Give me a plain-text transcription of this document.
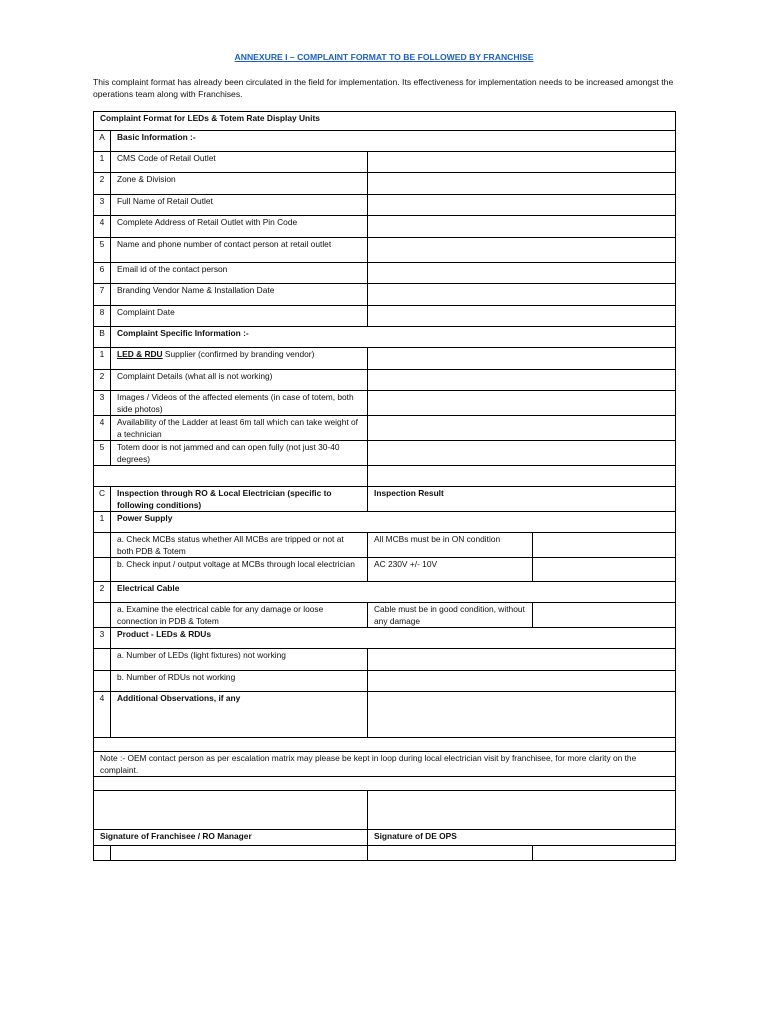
ANNEXURE I – COMPLAINT FORMAT TO BE FOLLOWED BY FRANCHISE
This complaint format has already been circulated in the field for implementation. Its effectiveness for implementation needs to be increased amongst the operations team along with Franchises.
Complaint Format for LEDs & Totem Rate Display Units			
A	Basic Information :-		
1	CMS Code of Retail Outlet		
2	Zone & Division		
3	Full Name of Retail Outlet		
4	Complete Address of Retail Outlet with Pin Code		
5	Name and phone number of contact person at retail outlet		
6	Email id of the contact person		
7	Branding Vendor Name & Installation Date		
8	Complaint Date		
B	Complaint Specific Information :-		
1	LED & RDU Supplier (confirmed by branding vendor)		
2	Complaint Details (what all is not working)		
3	Images / Videos of the affected elements (in case of totem, both side photos)		
4	Availability of the Ladder at least 6m tall which can take weight of a technician		
5	Totem door is not jammed and can open fully (not just 30-40 degrees)		

C	Inspection through RO & Local Electrician (specific to following conditions)	Inspection Result	
1	Power Supply		
	a. Check MCBs status whether All MCBs are tripped or not at both PDB & Totem	All MCBs must be in ON condition	
	b. Check input / output voltage at MCBs through local electrician	AC 230V +/- 10V	
2	Electrical Cable		
	a. Examine the electrical cable for any damage or loose connection in PDB & Totem	Cable must be in good condition, without any damage	
3	Product - LEDs & RDUs		
	a. Number of LEDs (light fixtures) not working		
	b. Number of RDUs not working		
4	Additional Observations, if any		

Note :- OEM contact person as per escalation matrix may please be kept in loop during local electrician visit by franchisee, for more clarity on the complaint.			

Signature of Franchisee / RO Manager		Signature of DE OPS	
